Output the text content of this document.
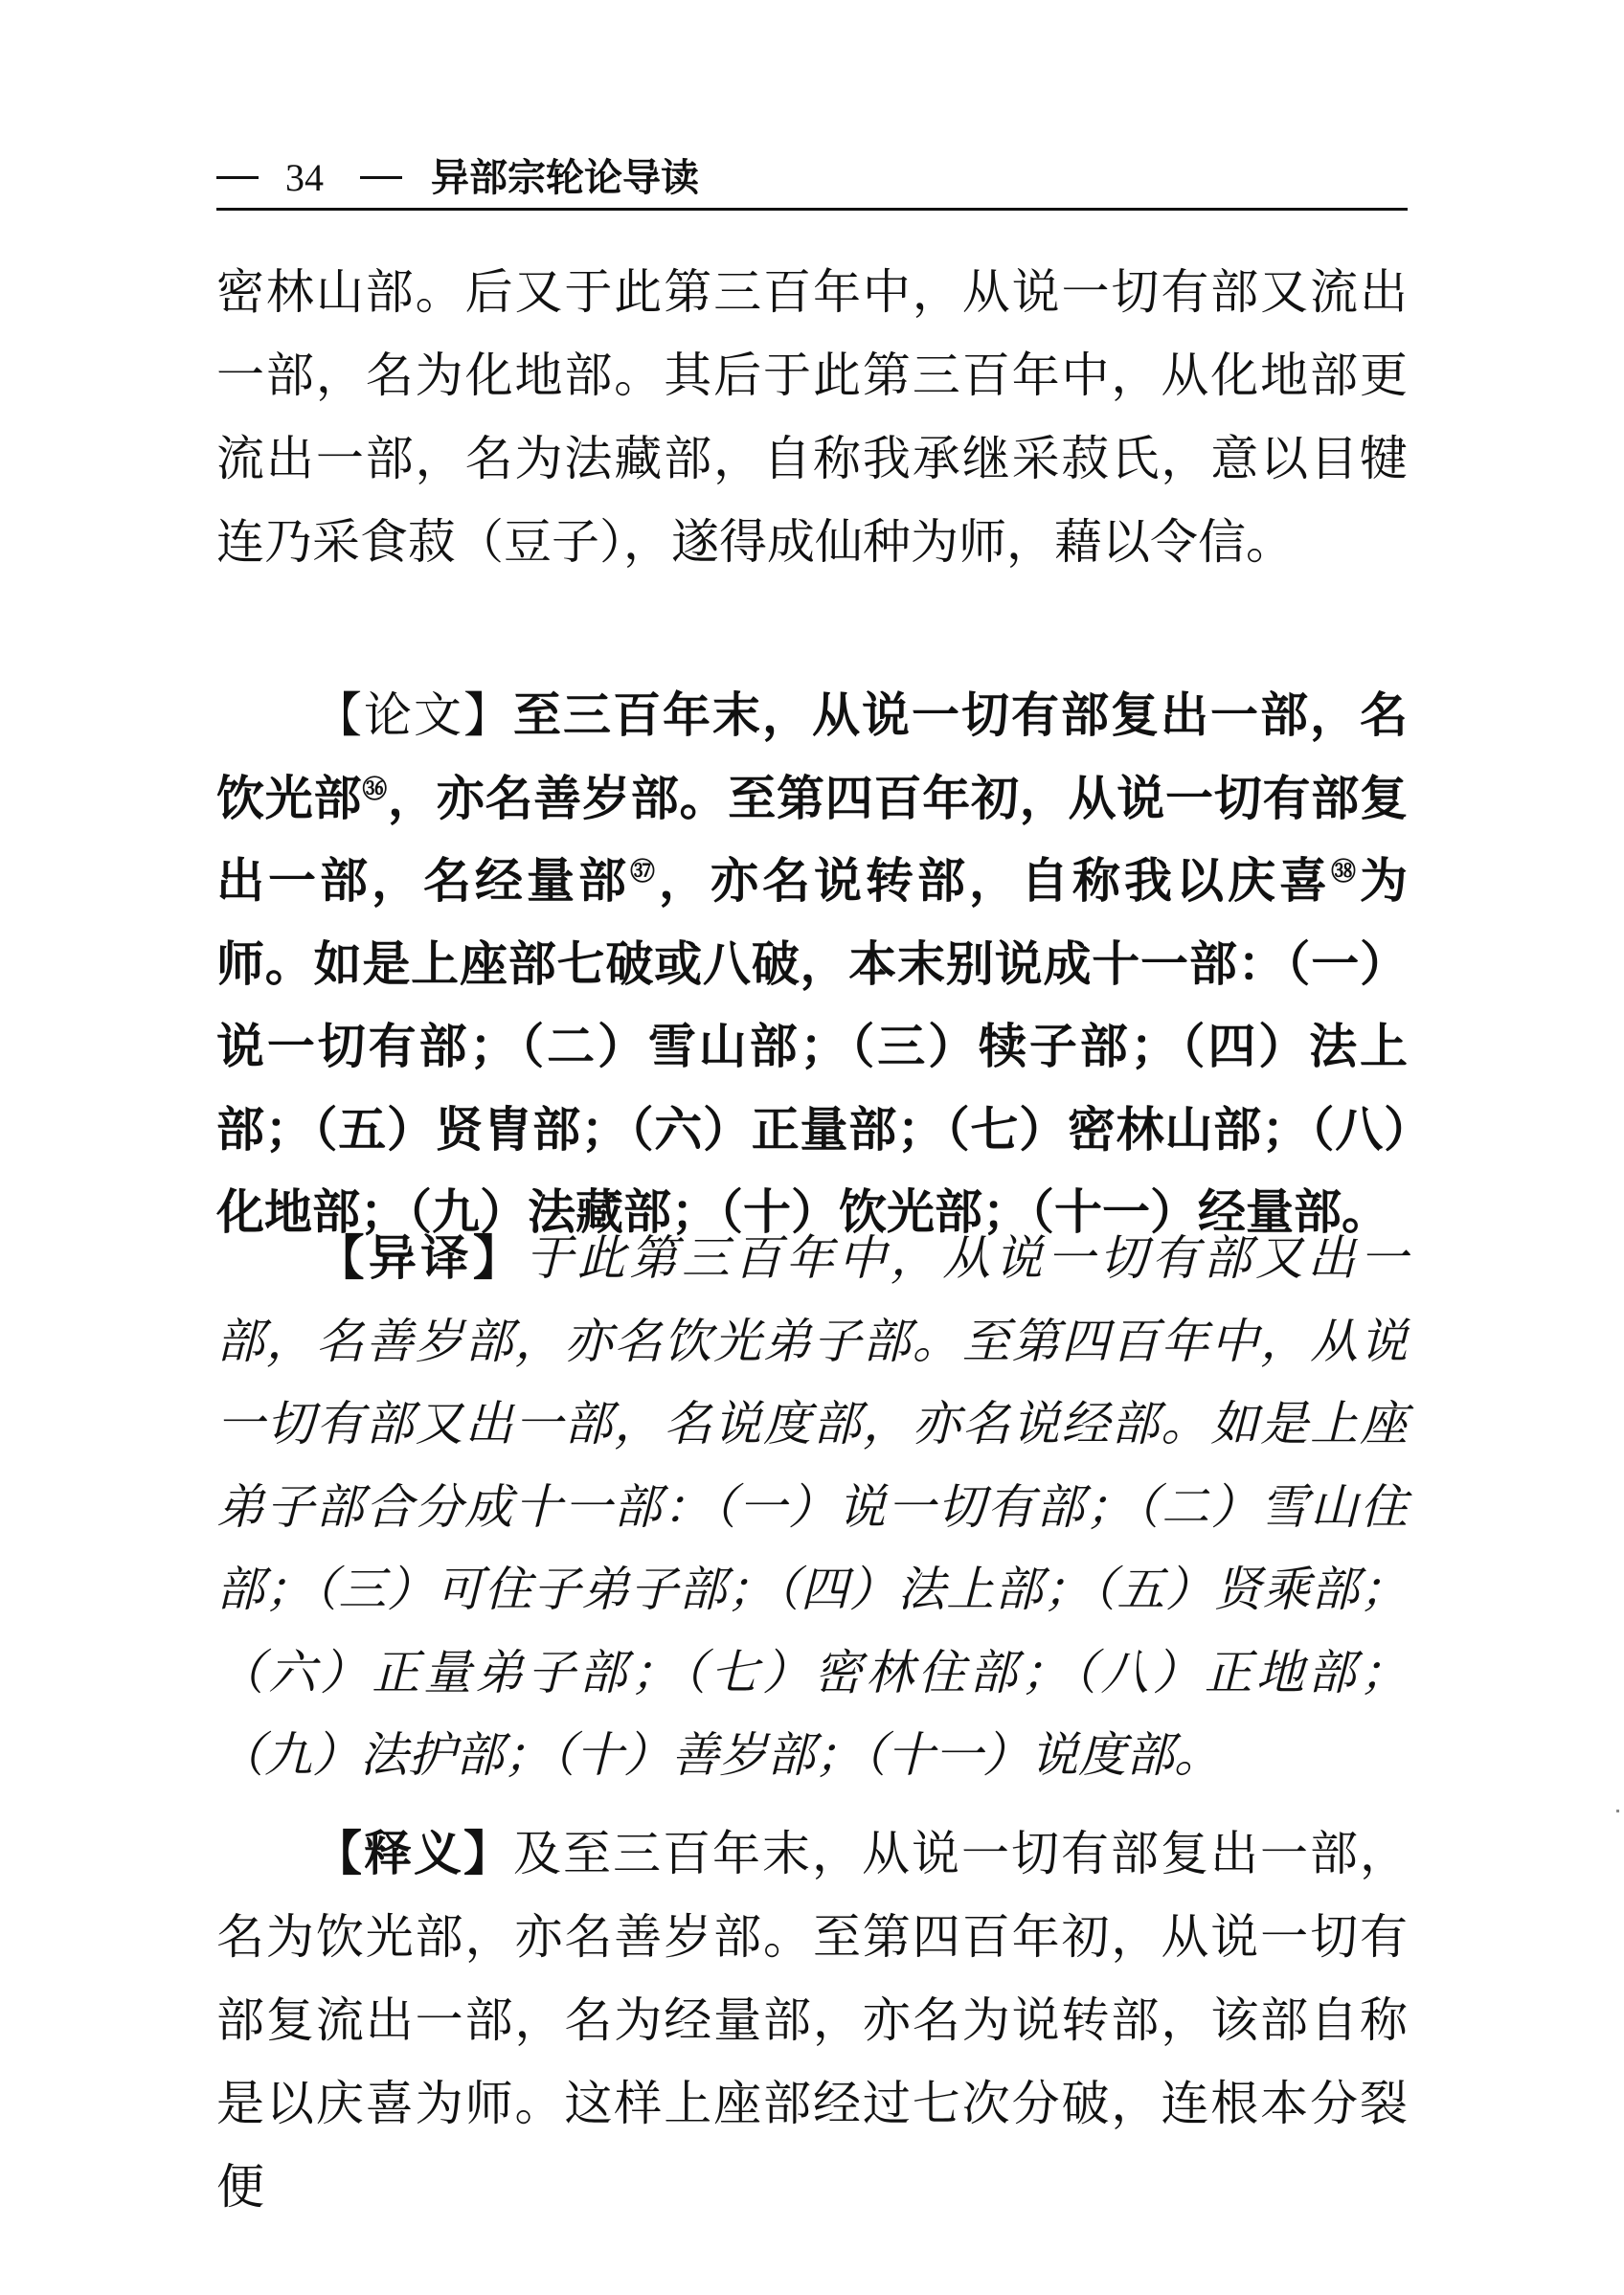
34	异部宗轮论导读

密林山部。后又于此第三百年中，从说一切有部又流出一部，名为化地部。其后于此第三百年中，从化地部更流出一部，名为法藏部，自称我承继采菽氏，意以目犍连乃采食菽（豆子），遂得成仙种为师，藉以令信。

【论文】至三百年末，从说一切有部复出一部，名饮光部㊱，亦名善岁部。至第四百年初，从说一切有部复出一部，名经量部㊲，亦名说转部，自称我以庆喜㊳为师。如是上座部七破或八破，本末别说成十一部：（一）说一切有部；（二）雪山部；（三）犊子部；（四）法上部；（五）贤胄部；（六）正量部；（七）密林山部；（八）化地部；（九）法藏部；（十）饮光部；（十一）经量部。

【异译】于此第三百年中，从说一切有部又出一部，名善岁部，亦名饮光弟子部。至第四百年中，从说一切有部又出一部，名说度部，亦名说经部。如是上座弟子部合分成十一部：（一）说一切有部；（二）雪山住部；（三）可住子弟子部；（四）法上部；（五）贤乘部；（六）正量弟子部；（七）密林住部；（八）正地部；（九）法护部；（十）善岁部；（十一）说度部。

【释义】及至三百年末，从说一切有部复出一部，名为饮光部，亦名善岁部。至第四百年初，从说一切有部复流出一部，名为经量部，亦名为说转部，该部自称是以庆喜为师。这样上座部经过七次分破，连根本分裂便
